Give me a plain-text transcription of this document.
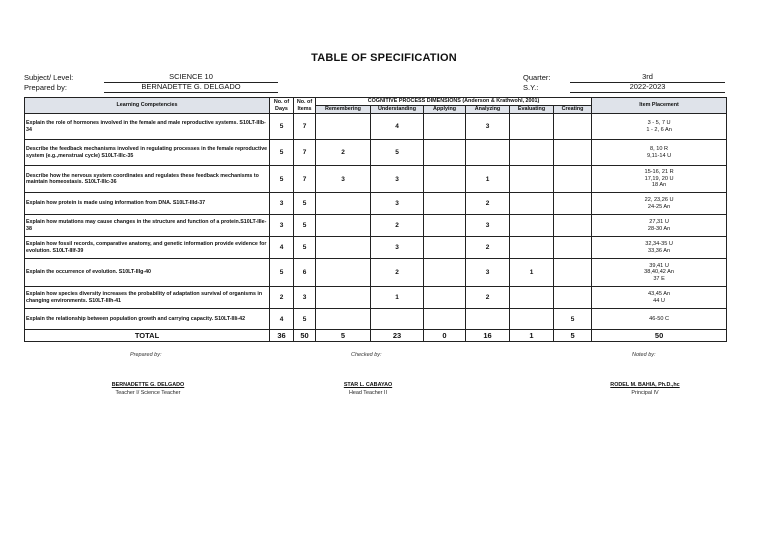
TABLE OF SPECIFICATION
Subject/ Level:	SCIENCE 10
Prepared by:	BERNADETTE G. DELGADO
Quarter:	3rd
S.Y.:	2022-2023
Learning Competencies	No. of Days	No. of Items	COGNITIVE PROCESS DIMENSIONS (Anderson & Krathwohl, 2001)						Item Placement
			Remembering	Understanding	Applying	Analyzing	Evaluating	Creating	
Explain the role of hormones involved in the female and male reproductive systems. S10LT-IIIb-34	5	7		4		3			3 - 5, 7 U
1 - 2, 6 An
Describe the feedback mechanisms involved in regulating processes in the female reproductive system (e.g.,menstrual cycle) S10LT-IIIc-35	5	7	2	5					8, 10 R
9,11-14 U
Describe how the nervous system coordinates and regulates these feedback mechanisms to maintain homeostasis. S10LT-IIIc-36	5	7	3	3		1			15-16, 21 R
17,19, 20 U
18 An
Explain how protein is made using information from DNA. S10LT-IIId-37	3	5		3		2			22, 23,26 U
24-25 An
Explain how mutations may cause changes in the structure and function of a protein.S10LT-IIIe-38	3	5		2		3			27,31 U
28-30 An
Explain how fossil records, comparative anatomy, and genetic information provide evidence for evolution. S10LT-IIIf-39	4	5		3		2			32,34-35 U
33,36 An
Explain the occurrence of evolution. S10LT-IIIg-40	5	6		2		3	1		39,41 U
38,40,42 An
37 E
Explain how species diversity increases the probability of adaptation survival of organisms in changing environments. S10LT-IIIh-41	2	3		1		2			43,45 An
44 U
Explain the relationship between population growth and carrying capacity. S10LT-IIIi-42	4	5						5	46-50 C
TOTAL	36	50	5	23	0	16	1	5	50
Prepared by:	Checked by:	Noted by:
BERNADETTE G. DELGADO
Teacher I/ Science Teacher
STAR L. CABAYAO
Head Teacher II
RODEL M. BAHIA, Ph.D.,hc
Principal IV
